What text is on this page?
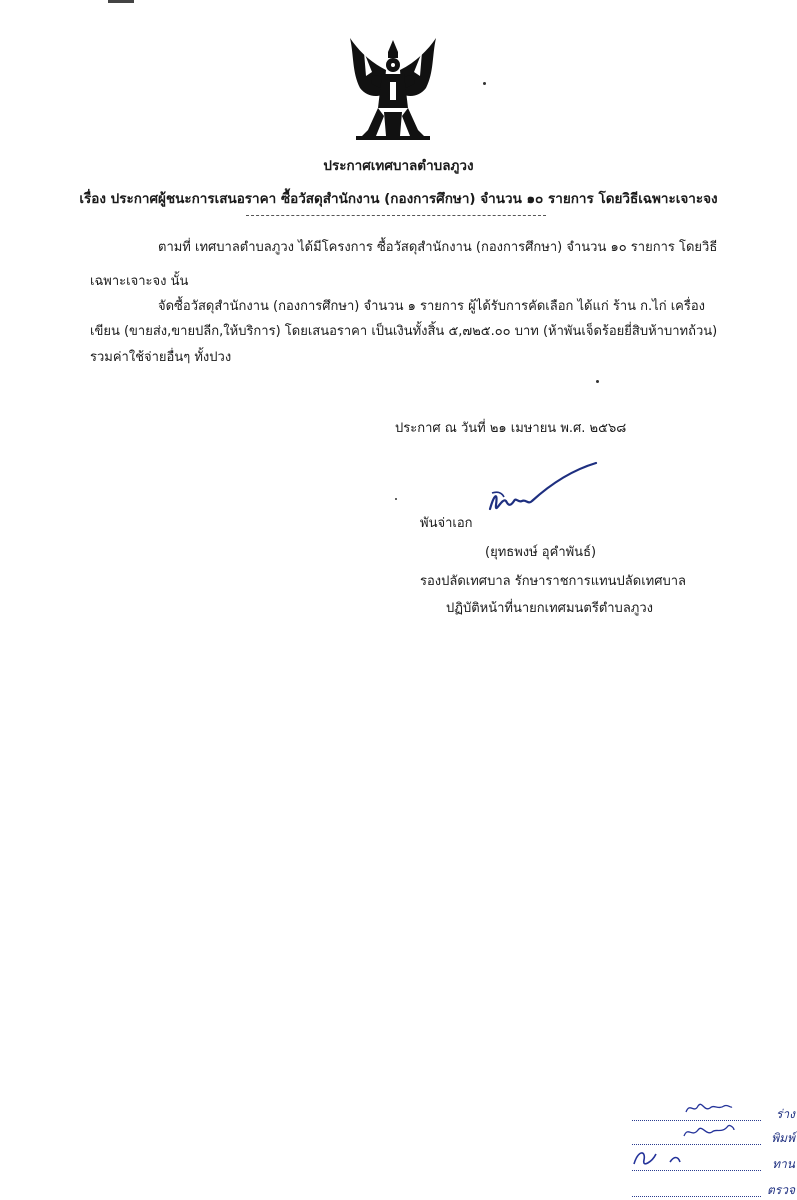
ประกาศเทศบาลตำบลภูวง
เรื่อง ประกาศผู้ชนะการเสนอราคา ซื้อวัสดุสำนักงาน (กองการศึกษา) จำนวน ๑๐ รายการ โดยวิธีเฉพาะเจาะจง
ตามที่ เทศบาลตำบลภูวง ได้มีโครงการ ซื้อวัสดุสำนักงาน (กองการศึกษา) จำนวน ๑๐ รายการ โดยวิธี
เฉพาะเจาะจง นั้น
จัดซื้อวัสดุสำนักงาน (กองการศึกษา) จำนวน ๑ รายการ ผู้ได้รับการคัดเลือก ได้แก่ ร้าน ก.ไก่ เครื่อง
เขียน (ขายส่ง,ขายปลีก,ให้บริการ) โดยเสนอราคา เป็นเงินทั้งสิ้น ๕,๗๒๕.๐๐ บาท (ห้าพันเจ็ดร้อยยี่สิบห้าบาทถ้วน)
รวมค่าใช้จ่ายอื่นๆ ทั้งปวง
ประกาศ ณ วันที่ ๒๑ เมษายน พ.ศ. ๒๕๖๘
พันจ่าเอก
(ยุทธพงษ์ อุคำพันธ์)
รองปลัดเทศบาล รักษาราชการแทนปลัดเทศบาล
ปฏิบัติหน้าที่นายกเทศมนตรีตำบลภูวง
ร่าง
พิมพ์
ทาน
ตรวจ
